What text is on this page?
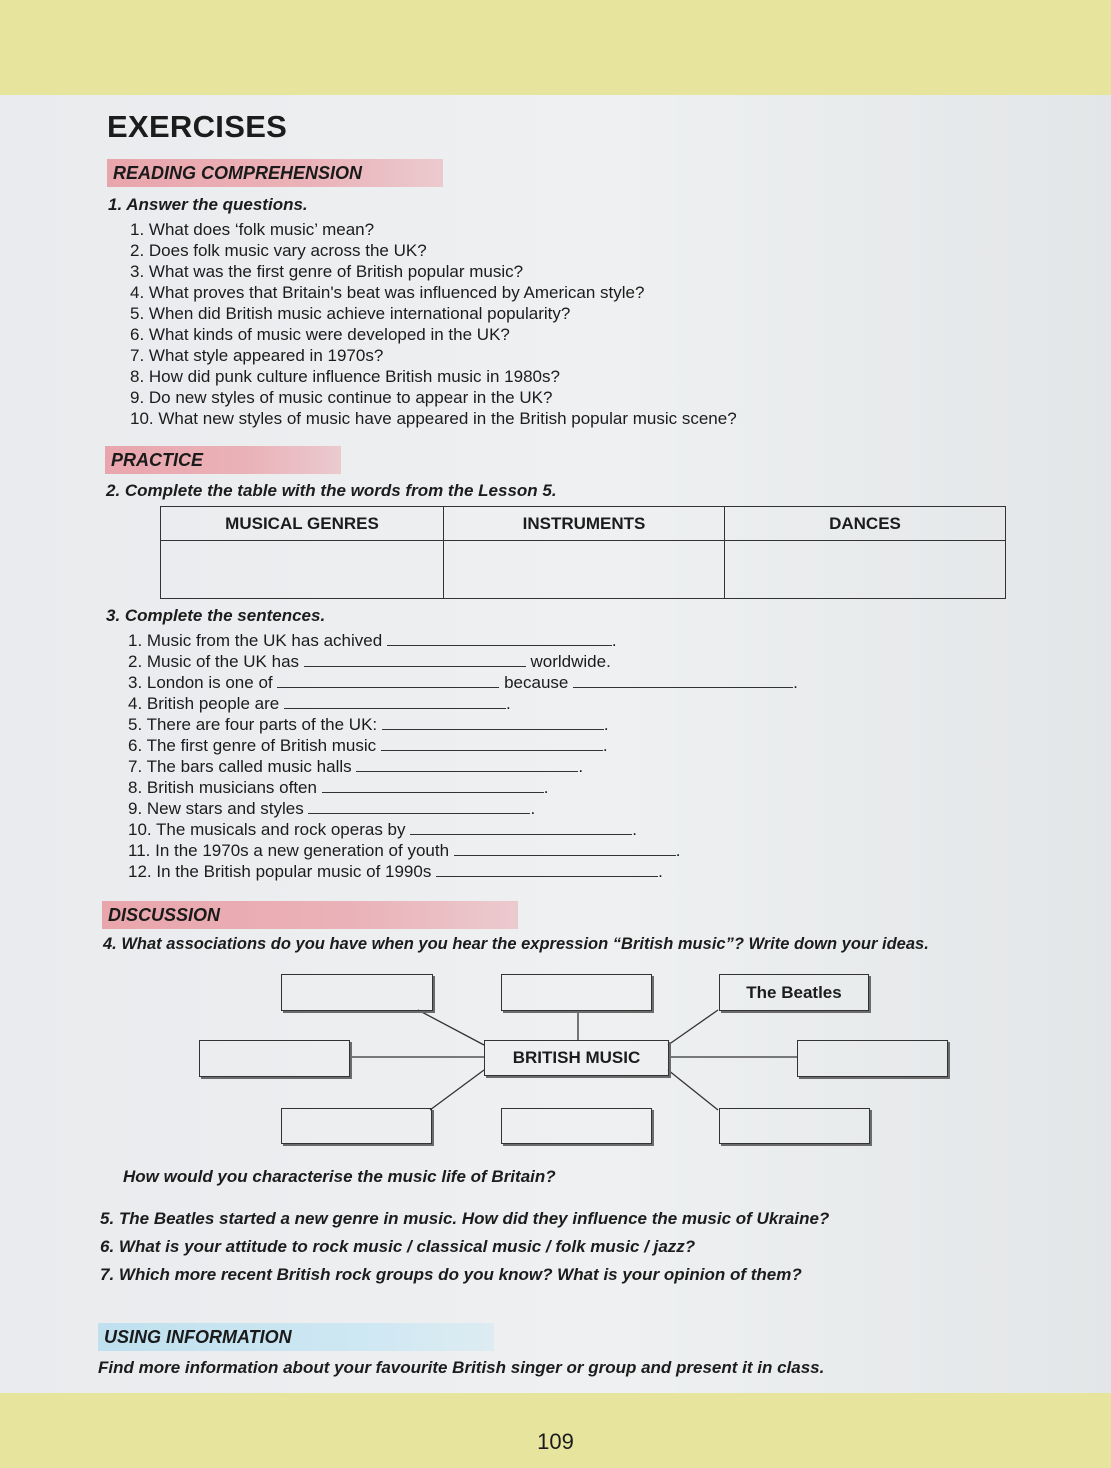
EXERCISES
READING COMPREHENSION
1. Answer the questions.
1. What does ‘folk music’ mean?
2. Does folk music vary across the UK?
3. What was the first genre of British popular music?
4. What proves that Britain's beat was influenced by American style?
5. When did British music achieve international popularity?
6. What kinds of music were developed in the UK?
7. What style appeared in 1970s?
8. How did punk culture influence British music in 1980s?
9. Do new styles of music continue to appear in the UK?
10. What new styles of music have appeared in the British popular music scene?
PRACTICE
2. Complete the table with the words from the Lesson 5.
MUSICAL GENRES	INSTRUMENTS	DANCES

3. Complete the sentences.
1. Music from the UK has achived	.
2. Music of the UK has	worldwide.
3. London is one of	because	.
4. British people are	.
5. There are four parts of the UK:	.
6. The first genre of British music	.
7. The bars called music halls	.
8. British musicians often	.
9. New stars and styles	.
10. The musicals and rock operas by	.
11. In the 1970s a new generation of youth	.
12. In the British popular music of 1990s	.
DISCUSSION
4. What associations do you have when you hear the expression “British music”? Write down your ideas.
The Beatles
BRITISH MUSIC
How would you characterise the music life of Britain?
5. The Beatles started a new genre in music. How did they influence the music of Ukraine?
6. What is your attitude to rock music / classical music / folk music / jazz?
7. Which more recent British rock groups do you know? What is your opinion of them?
USING INFORMATION
Find more information about your favourite British singer or group and present it in class.
109
